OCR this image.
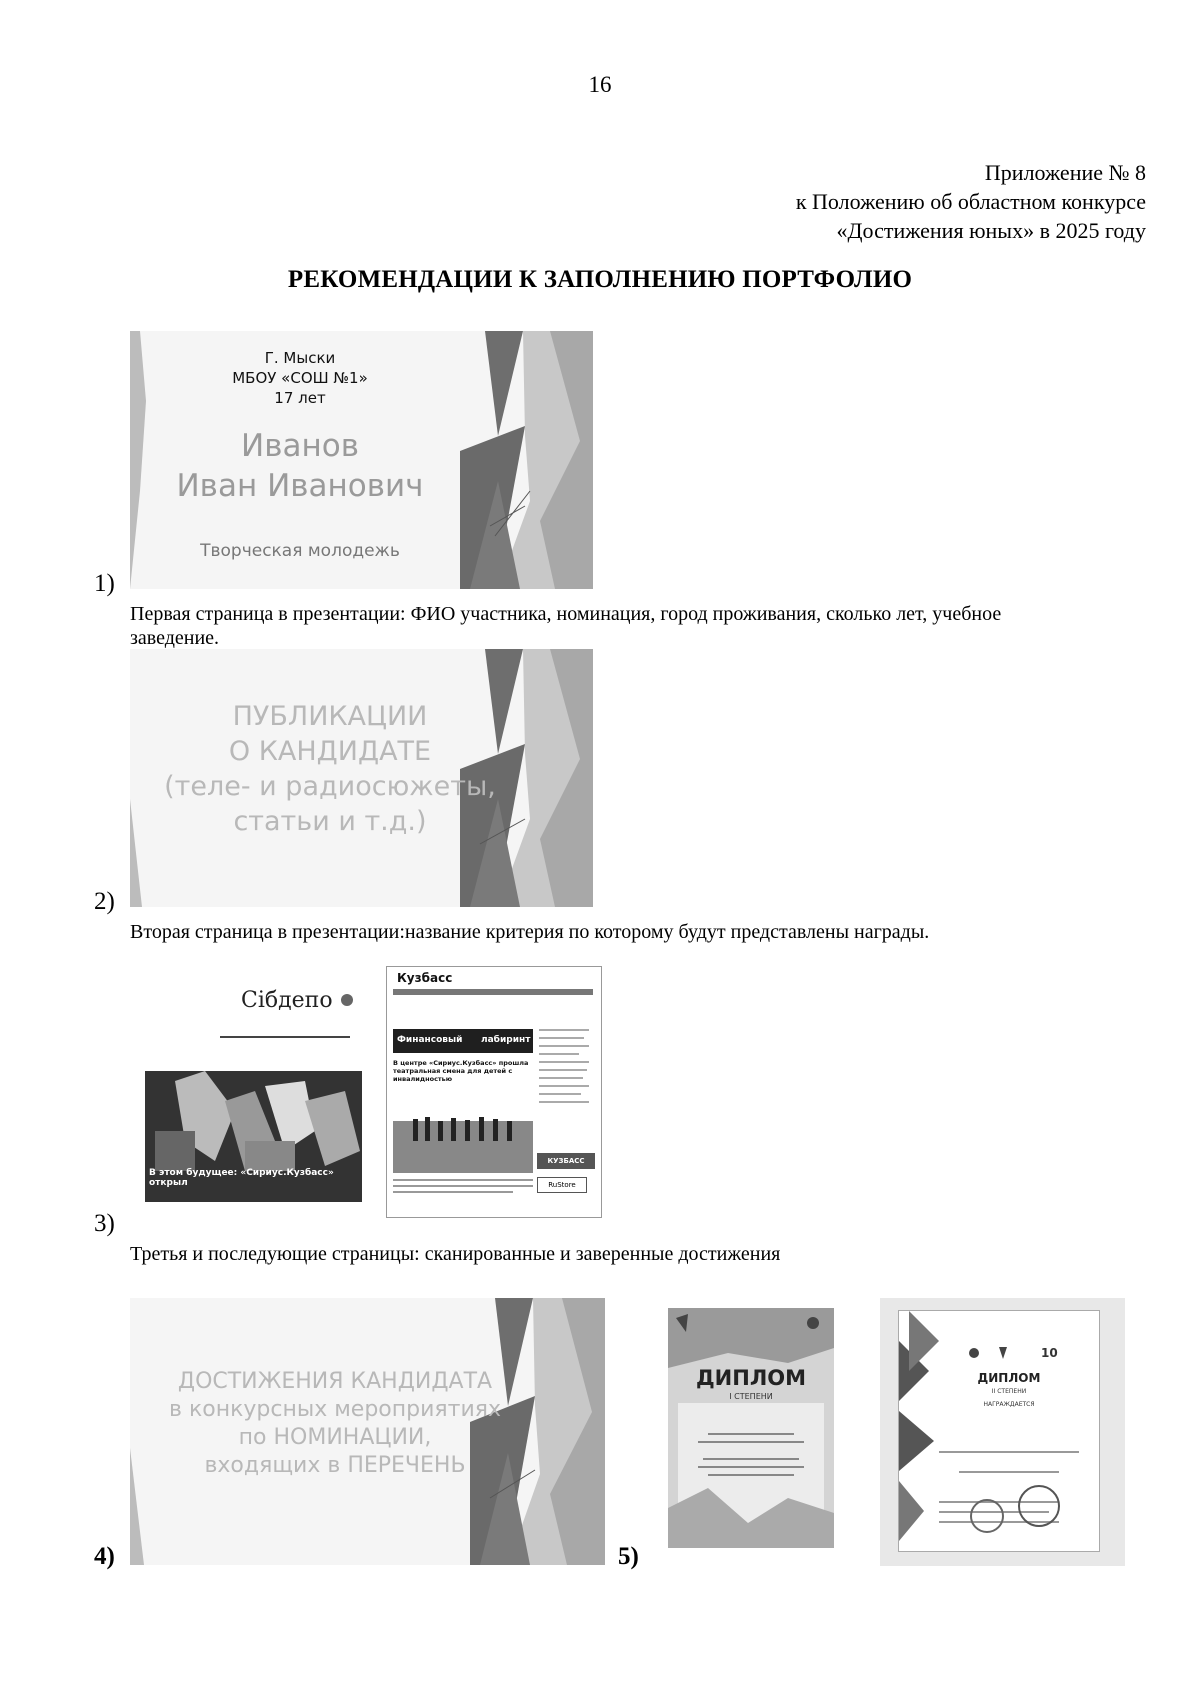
16
Приложение № 8
к Положению об областном конкурсе
«Достижения юных» в 2025 году
РЕКОМЕНДАЦИИ К ЗАПОЛНЕНИЮ ПОРТФОЛИО
Г. Мыски
МБОУ «СОШ №1»
17 лет
Иванов
Иван Иванович
Творческая молодежь
1)
Первая страница в презентации: ФИО участника, номинация, город проживания, сколько лет, учебное
заведение.
ПУБЛИКАЦИИ
О КАНДИДАТЕ
(теле- и радиосюжеты,
статьи и т.д.)
2)
Вторая страница в презентации:название критерия по которому будут представлены награды.
Сібдепо
В этом будущее: «Сириус.Кузбасс» открыл
Кузбасс
Финансовый лабиринт
В центре «Сириус.Кузбасс» прошла театральная смена для детей с инвалидностью
КУЗБАСС
RuStore
3)
Третья и последующие страницы: сканированные и заверенные достижения
ДОСТИЖЕНИЯ КАНДИДАТА
в конкурсных мероприятиях
по НОМИНАЦИИ,
входящих в ПЕРЕЧЕНЬ
4)	5)
ДИПЛОМ
I СТЕПЕНИ
10
ДИПЛОМ
II СТЕПЕНИ
НАГРАЖДАЕТСЯ
